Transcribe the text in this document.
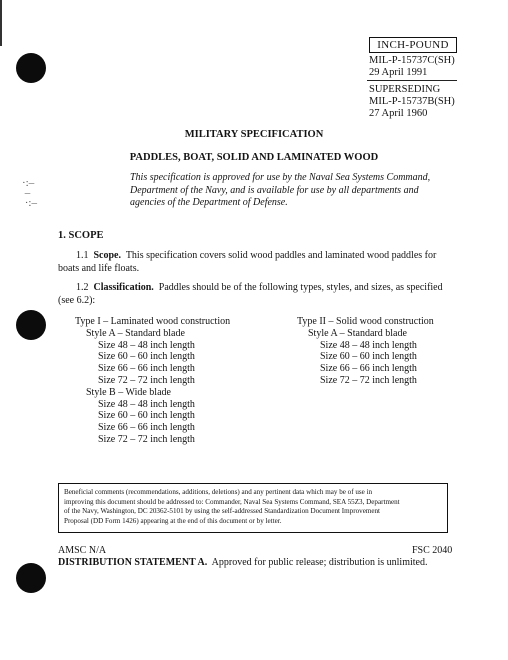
·:–
–
·:–
INCH-POUND
MIL-P-15737C(SH)
29 April 1991
SUPERSEDING
MIL-P-15737B(SH)
27 April 1960
MILITARY SPECIFICATION
PADDLES, BOAT, SOLID AND LAMINATED WOOD
This specification is approved for use by the Naval Sea Systems Command,
Department of the Navy, and is available for use by all departments and
agencies of the Department of Defense.
1. SCOPE
1.1 Scope. This specification covers solid wood paddles and laminated wood paddles for
boats and life floats.
1.2 Classification. Paddles should be of the following types, styles, and sizes, as specified
(see 6.2):
Type I – Laminated wood construction
Style A – Standard blade
Size 48 – 48 inch length
Size 60 – 60 inch length
Size 66 – 66 inch length
Size 72 – 72 inch length
Style B – Wide blade
Size 48 – 48 inch length
Size 60 – 60 inch length
Size 66 – 66 inch length
Size 72 – 72 inch length
Type II – Solid wood construction
Style A – Standard blade
Size 48 – 48 inch length
Size 60 – 60 inch length
Size 66 – 66 inch length
Size 72 – 72 inch length
Beneficial comments (recommendations, additions, deletions) and any pertinent data which may be of use in
improving this document should be addressed to: Commander, Naval Sea Systems Command, SEA 55Z3, Department
of the Navy, Washington, DC 20362-5101 by using the self-addressed Standardization Document Improvement
Proposal (DD Form 1426) appearing at the end of this document or by letter.
AMSC N/A	FSC 2040
DISTRIBUTION STATEMENT A. Approved for public release; distribution is unlimited.
